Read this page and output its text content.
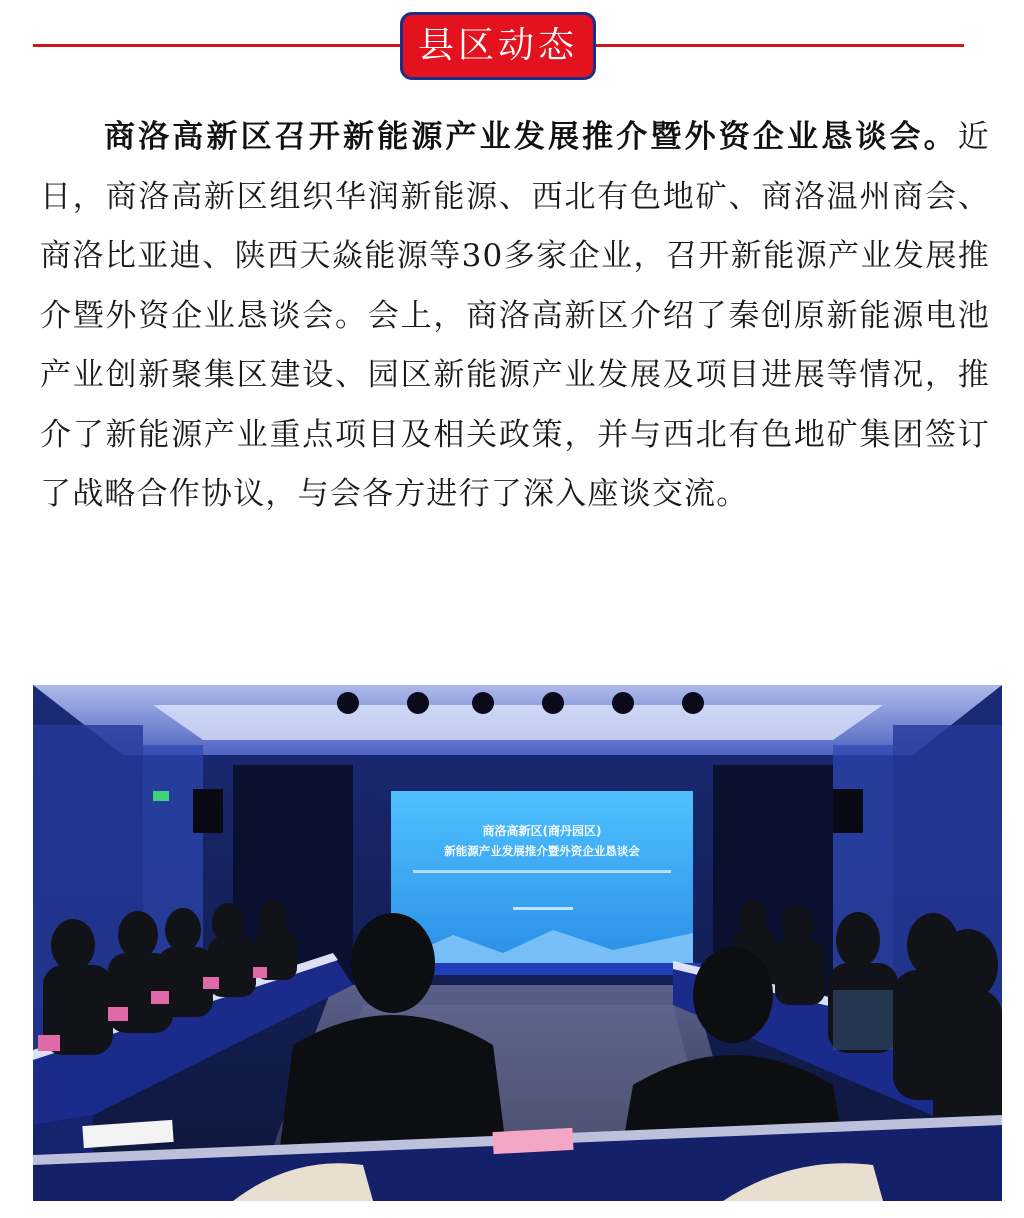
县区动态
商洛高新区召开新能源产业发展推介暨外资企业恳谈会。近日，商洛高新区组织华润新能源、西北有色地矿、商洛温州商会、商洛比亚迪、陕西天焱能源等30多家企业，召开新能源产业发展推介暨外资企业恳谈会。会上，商洛高新区介绍了秦创原新能源电池产业创新聚集区建设、园区新能源产业发展及项目进展等情况，推介了新能源产业重点项目及相关政策，并与西北有色地矿集团签订了战略合作协议，与会各方进行了深入座谈交流。
商洛高新区(商丹园区)
新能源产业发展推介暨外资企业恳谈会
